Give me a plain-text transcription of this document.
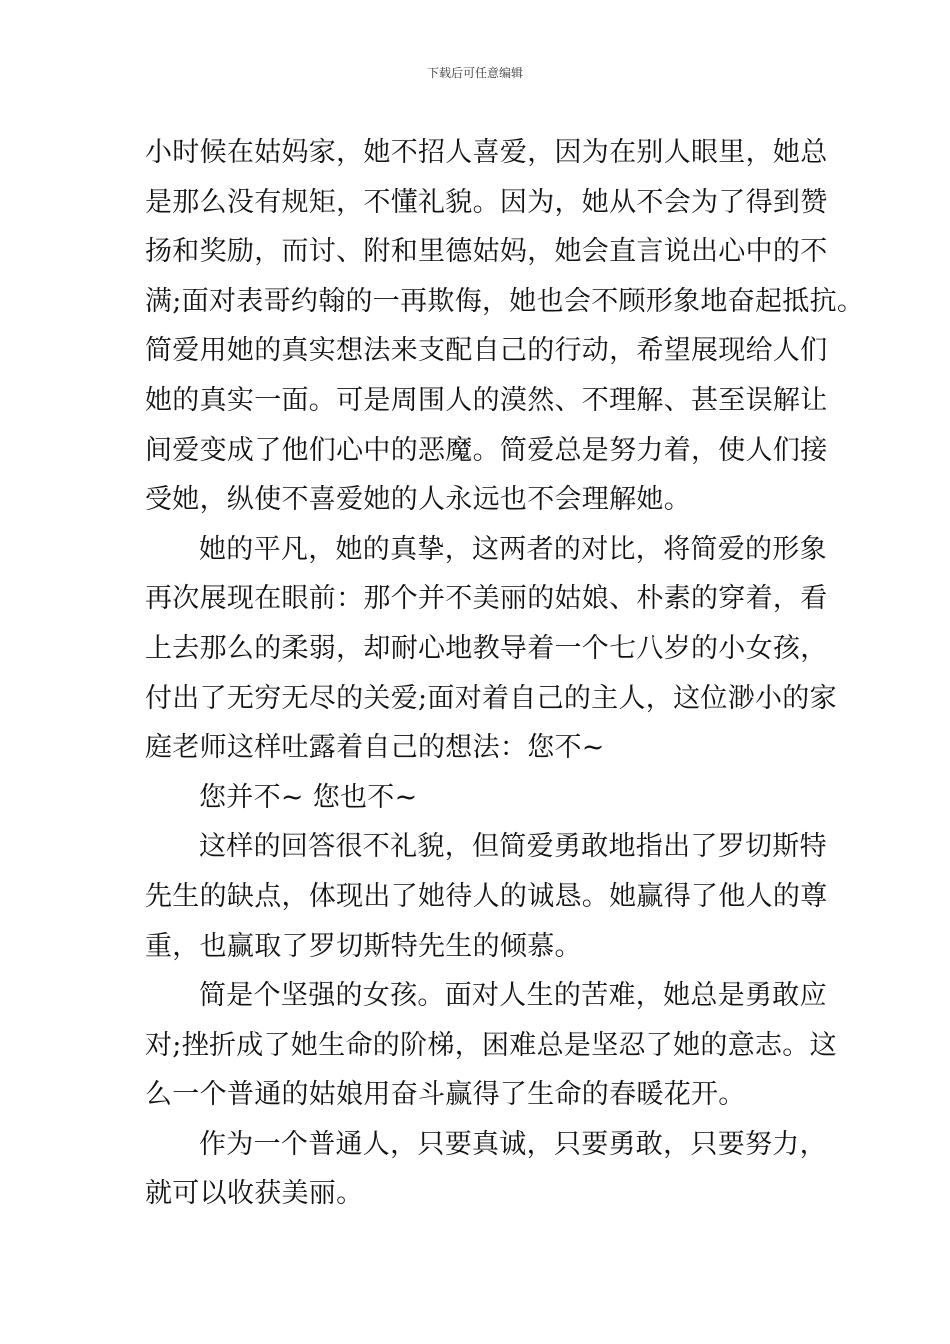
下载后可任意编辑

小时候在姑妈家，她不招人喜爱，因为在别人眼里，她总
是那么没有规矩，不懂礼貌。因为，她从不会为了得到赞
扬和奖励，而讨、附和里德姑妈，她会直言说出心中的不
满;面对表哥约翰的一再欺侮，她也会不顾形象地奋起抵抗。
简爱用她的真实想法来支配自己的行动，希望展现给人们
她的真实一面。可是周围人的漠然、不理解、甚至误解让
间爱变成了他们心中的恶魔。简爱总是努力着，使人们接
受她，纵使不喜爱她的人永远也不会理解她。

她的平凡，她的真挚，这两者的对比，将简爱的形象
再次展现在眼前：那个并不美丽的姑娘、朴素的穿着，看
上去那么的柔弱，却耐心地教导着一个七八岁的小女孩，
付出了无穷无尽的关爱;面对着自己的主人，这位渺小的家
庭老师这样吐露着自己的想法：您不~

您并不~ 您也不~

这样的回答很不礼貌，但简爱勇敢地指出了罗切斯特
先生的缺点，体现出了她待人的诚恳。她赢得了他人的尊
重，也赢取了罗切斯特先生的倾慕。

简是个坚强的女孩。面对人生的苦难，她总是勇敢应
对;挫折成了她生命的阶梯，困难总是坚忍了她的意志。这
么一个普通的姑娘用奋斗赢得了生命的春暖花开。

作为一个普通人，只要真诚，只要勇敢，只要努力，
就可以收获美丽。
